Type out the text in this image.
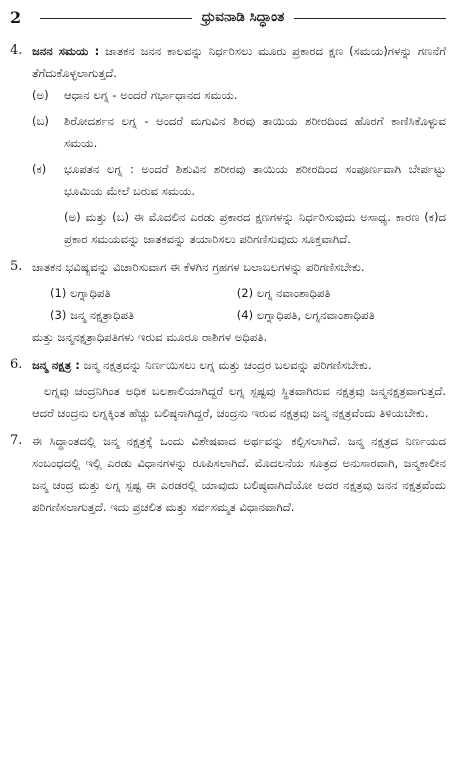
2	ಧ್ರುವನಾಡಿ ಸಿದ್ಧಾಂತ
4. ಜನನ ಸಮಯ : ಜಾತಕನ ಜನನ ಕಾಲವನ್ನು ನಿರ್ಧರಿಸಲು ಮೂರು ಪ್ರಕಾರದ ಕ್ಷಣ (ಸಮಯ)ಗಳನ್ನು ಗಣನೆಗೆ ತೆಗೆದುಕೊಳ್ಳಲಾಗುತ್ತದೆ.

(ಅ)	ಆಧಾನ ಲಗ್ನ - ಅಂದರೆ ಗರ್ಭಾಧಾನದ ಸಮಯ.
(ಬ)	ಶಿರೋದರ್ಶನ ಲಗ್ನ - ಅಂದರೆ ಮಗುವಿನ ಶಿರವು ತಾಯಿಯ ಶರೀರದಿಂದ ಹೊರಗೆ ಕಾಣಿಸಿಕೊಳ್ಳುವ ಸಮಯ.
(ಕ)	ಭೂಪತನ ಲಗ್ನ : ಅಂದರೆ ಶಿಶುವಿನ ಶರೀರವು ತಾಯಿಯ ಶರೀರದಿಂದ ಸಂಪೂರ್ಣವಾಗಿ ಬೇರ್ಪಟ್ಟು ಭೂಮಿಯ ಮೇಲೆ ಬರುವ ಸಮಯ.

(ಅ) ಮತ್ತು (ಬ) ಈ ಮೊದಲಿನ ಎರಡು ಪ್ರಕಾರದ ಕ್ಷಣಗಳನ್ನು ನಿರ್ಧರಿಸುವುದು ಅಸಾಧ್ಯ. ಕಾರಣ (ಕ)ದ ಪ್ರಕಾರ ಸಮಯವನ್ನು ಜಾತಕವನ್ನು ತಯಾರಿಸಲು ಪರಿಗಣಿಸುವುದು ಸೂಕ್ತವಾಗಿದೆ.

5. ಜಾತಕನ ಭವಿಷ್ಯವನ್ನು ವಿಚಾರಿಸುವಾಗ ಈ ಕೆಳಗಿನ ಗ್ರಹಗಳ ಬಲಾಬಲಗಳನ್ನು ಪರಿಗಣಿಸಬೇಕು.

(1) ಲಗ್ನಾಧಿಪತಿ	(2) ಲಗ್ನ ನವಾಂಶಾಧಿಪತಿ
(3) ಜನ್ಮ ನಕ್ಷತ್ರಾಧಿಪತಿ	(4) ಲಗ್ನಾಧಿಪತಿ, ಲಗ್ನನವಾಂಶಾಧಿಪತಿ

ಮತ್ತು ಜನ್ಮನಕ್ಷತ್ರಾಧಿಪತಿಗಳು ಇರುವ ಮೂರೂ ರಾಶಿಗಳ ಅಧಿಪತಿ.

6. ಜನ್ಮ ನಕ್ಷತ್ರ : ಜನ್ಮ ನಕ್ಷತ್ರವನ್ನು ನಿರ್ಣಯಿಸಲು ಲಗ್ನ ಮತ್ತು ಚಂದ್ರರ ಬಲವನ್ನು ಪರಿಗಣಿಸಬೇಕು.

ಲಗ್ನವು ಚಂದ್ರನಿಗಿಂತ ಅಧಿಕ ಬಲಶಾಲಿಯಾಗಿದ್ದರೆ ಲಗ್ನ ಸ್ಪಷ್ಟವು ಸ್ಥಿತವಾಗಿರುವ ನಕ್ಷತ್ರವು ಜನ್ಮನಕ್ಷತ್ರವಾಗುತ್ತದೆ. ಆದರೆ ಚಂದ್ರನು ಲಗ್ನಕ್ಕಿಂತ ಹೆಚ್ಚು ಬಲಿಷ್ಠನಾಗಿದ್ದರೆ, ಚಂದ್ರನು ಇರುವ ನಕ್ಷತ್ರವು ಜನ್ಮ ನಕ್ಷತ್ರವೆಂದು ತಿಳಿಯಬೇಕು.

7. ಈ ಸಿದ್ಧಾಂತದಲ್ಲಿ ಜನ್ಮ ನಕ್ಷತ್ರಕ್ಕೆ ಒಂದು ವಿಶೇಷವಾದ ಅರ್ಥವನ್ನು ಕಲ್ಪಿಸಲಾಗಿದೆ. ಜನ್ಮ ನಕ್ಷತ್ರದ ನಿರ್ಣಯದ ಸಂಬಂಧದಲ್ಲಿ ಇಲ್ಲಿ ಎರಡು ವಿಧಾನಗಳನ್ನು ರೂಪಿಸಲಾಗಿದೆ. ಮೊದಲನೆಯ ಸೂತ್ರದ ಅನುಸಾರವಾಗಿ, ಜನ್ಮಕಾಲೀನ ಜನ್ಮ ಚಂದ್ರ ಮತ್ತು ಲಗ್ನ ಸ್ಪಷ್ಟ ಈ ಎರಡರಲ್ಲಿ ಯಾವುದು ಬಲಿಷ್ಠವಾಗಿದೆಯೋ ಅದರ ನಕ್ಷತ್ರವು ಜನನ ನಕ್ಷತ್ರವೆಂದು ಪರಿಗಣಿಸಲಾಗುತ್ತದೆ. ಇದು ಪ್ರಚಲಿತ ಮತ್ತು ಸರ್ವಸಮ್ಮತ ವಿಧಾನವಾಗಿದೆ.
